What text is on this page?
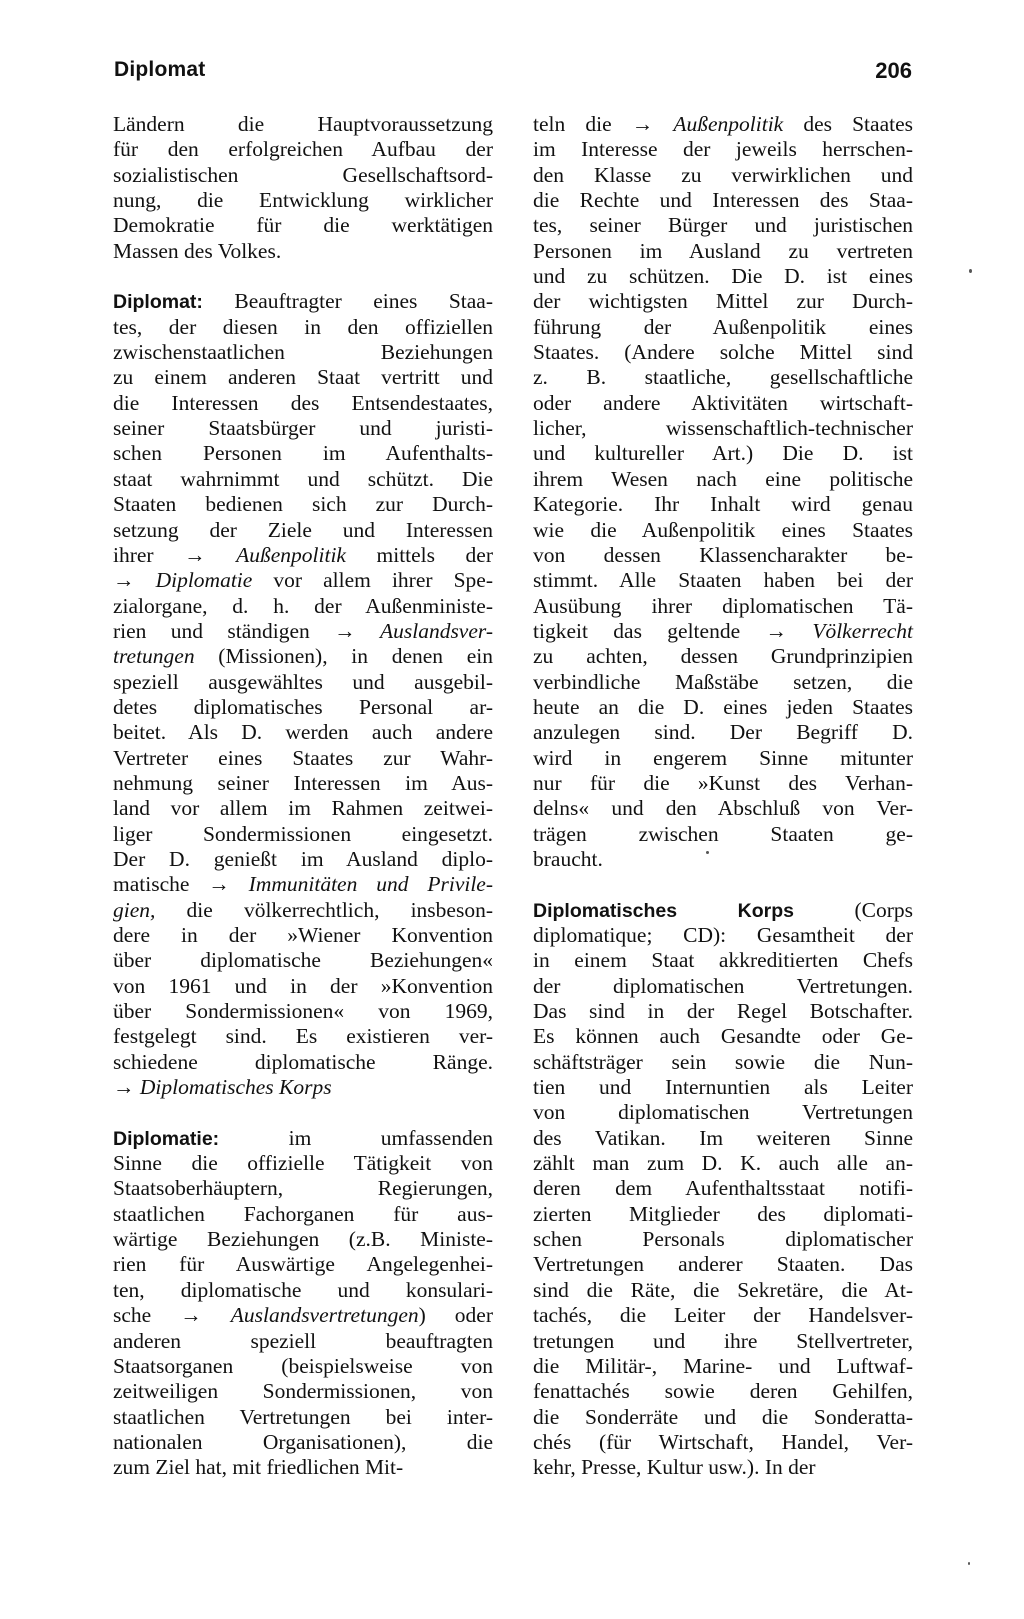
Diplomat	206
Ländern die Hauptvoraussetzung
für den erfolgreichen Aufbau der
sozialistischen Gesellschaftsord-
nung, die Entwicklung wirklicher
Demokratie für die werktätigen
Massen des Volkes.
Diplomat: Beauftragter eines Staa-
tes, der diesen in den offiziellen
zwischenstaatlichen Beziehungen
zu einem anderen Staat vertritt und
die Interessen des Entsendestaates,
seiner Staatsbürger und juristi-
schen Personen im Aufenthalts-
staat wahrnimmt und schützt. Die
Staaten bedienen sich zur Durch-
setzung der Ziele und Interessen
ihrer → Außenpolitik mittels der
→ Diplomatie vor allem ihrer Spe-
zialorgane, d. h. der Außenministe-
rien und ständigen → Auslandsver-
tretungen (Missionen), in denen ein
speziell ausgewähltes und ausgebil-
detes diplomatisches Personal ar-
beitet. Als D. werden auch andere
Vertreter eines Staates zur Wahr-
nehmung seiner Interessen im Aus-
land vor allem im Rahmen zeitwei-
liger Sondermissionen eingesetzt.
Der D. genießt im Ausland diplo-
matische → Immunitäten und Privile-
gien, die völkerrechtlich, insbeson-
dere in der »Wiener Konvention
über diplomatische Beziehungen«
von 1961 und in der »Konvention
über Sondermissionen« von 1969,
festgelegt sind. Es existieren ver-
schiedene diplomatische Ränge.
→ Diplomatisches Korps
Diplomatie: im umfassenden
Sinne die offizielle Tätigkeit von
Staatsoberhäuptern, Regierungen,
staatlichen Fachorganen für aus-
wärtige Beziehungen (z.B. Ministe-
rien für Auswärtige Angelegenhei-
ten, diplomatische und konsulari-
sche → Auslandsvertretungen) oder
anderen speziell beauftragten
Staatsorganen (beispielsweise von
zeitweiligen Sondermissionen, von
staatlichen Vertretungen bei inter-
nationalen Organisationen), die
zum Ziel hat, mit friedlichen Mit-
teln die → Außenpolitik des Staates
im Interesse der jeweils herrschen-
den Klasse zu verwirklichen und
die Rechte und Interessen des Staa-
tes, seiner Bürger und juristischen
Personen im Ausland zu vertreten
und zu schützen. Die D. ist eines
der wichtigsten Mittel zur Durch-
führung der Außenpolitik eines
Staates. (Andere solche Mittel sind
z. B. staatliche, gesellschaftliche
oder andere Aktivitäten wirtschaft-
licher, wissenschaftlich-technischer
und kultureller Art.) Die D. ist
ihrem Wesen nach eine politische
Kategorie. Ihr Inhalt wird genau
wie die Außenpolitik eines Staates
von dessen Klassencharakter be-
stimmt. Alle Staaten haben bei der
Ausübung ihrer diplomatischen Tä-
tigkeit das geltende → Völkerrecht
zu achten, dessen Grundprinzipien
verbindliche Maßstäbe setzen, die
heute an die D. eines jeden Staates
anzulegen sind. Der Begriff D.
wird in engerem Sinne mitunter
nur für die »Kunst des Verhan-
delns« und den Abschluß von Ver-
trägen zwischen Staaten ge-
braucht.
Diplomatisches Korps (Corps
diplomatique; CD): Gesamtheit der
in einem Staat akkreditierten Chefs
der diplomatischen Vertretungen.
Das sind in der Regel Botschafter.
Es können auch Gesandte oder Ge-
schäftsträger sein sowie die Nun-
tien und Internuntien als Leiter
von diplomatischen Vertretungen
des Vatikan. Im weiteren Sinne
zählt man zum D. K. auch alle an-
deren dem Aufenthaltsstaat notifi-
zierten Mitglieder des diplomati-
schen Personals diplomatischer
Vertretungen anderer Staaten. Das
sind die Räte, die Sekretäre, die At-
tachés, die Leiter der Handelsver-
tretungen und ihre Stellvertreter,
die Militär-, Marine- und Luftwaf-
fenattachés sowie deren Gehilfen,
die Sonderräte und die Sonderatta-
chés (für Wirtschaft, Handel, Ver-
kehr, Presse, Kultur usw.). In der
